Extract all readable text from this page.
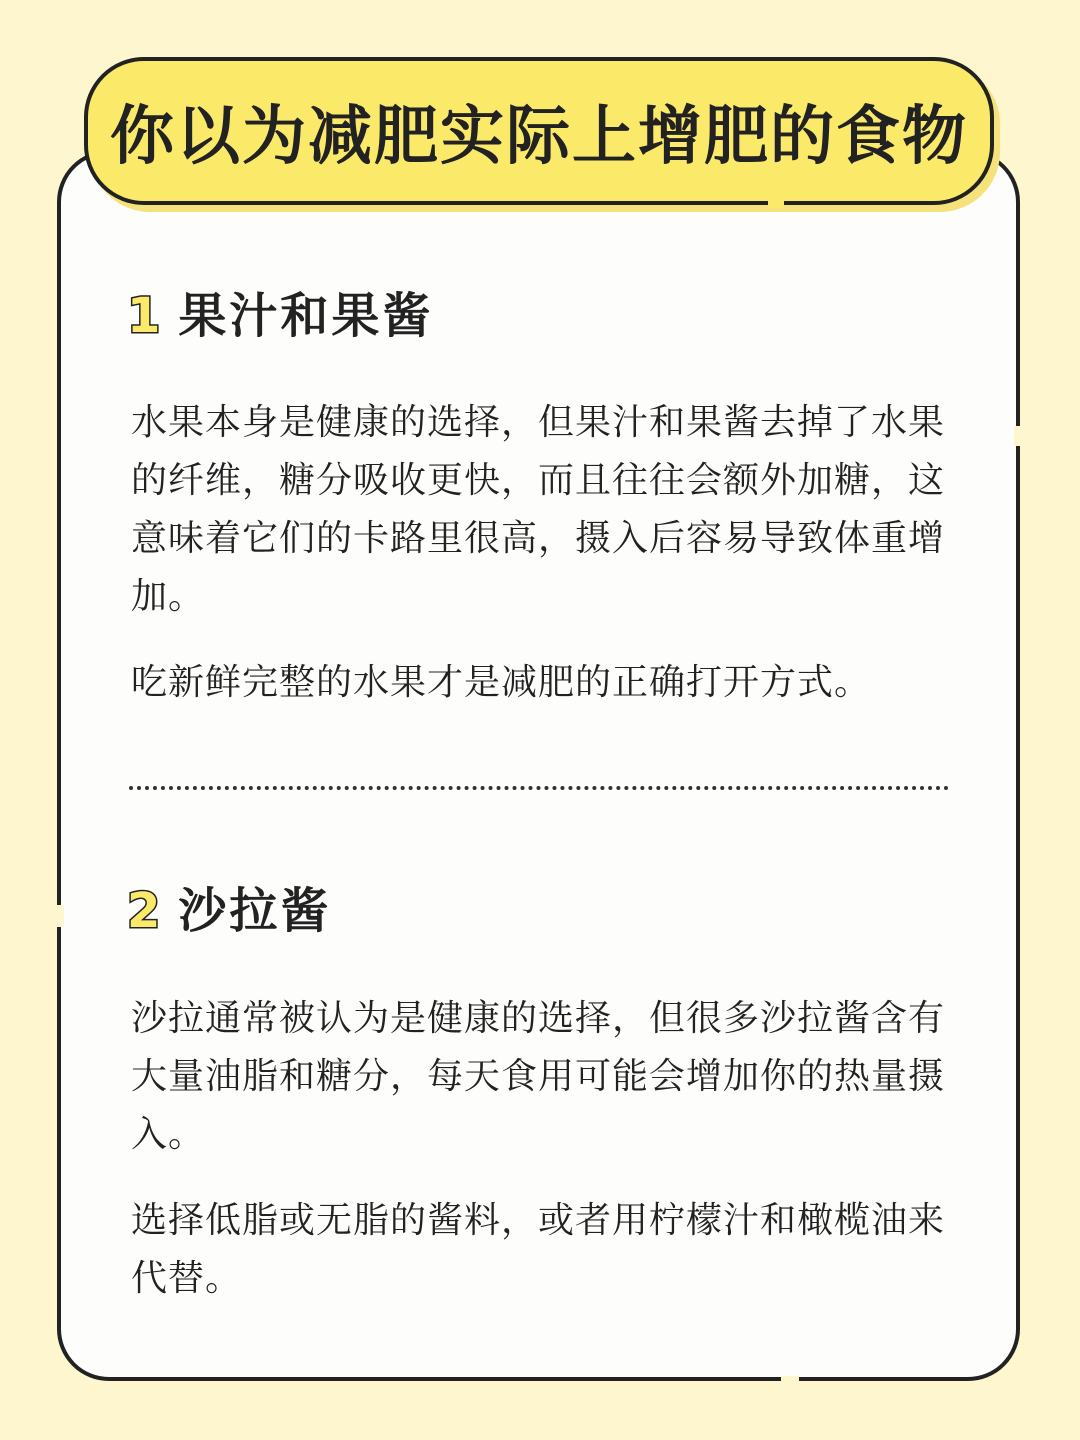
你以为减肥实际上增肥的食物
1 果汁和果酱

水果本身是健康的选择，但果汁和果酱去掉了水果的纤维，糖分吸收更快，而且往往会额外加糖，这意味着它们的卡路里很高，摄入后容易导致体重增加。

吃新鲜完整的水果才是减肥的正确打开方式。

2 沙拉酱

沙拉通常被认为是健康的选择，但很多沙拉酱含有大量油脂和糖分，每天食用可能会增加你的热量摄入。

选择低脂或无脂的酱料，或者用柠檬汁和橄榄油来代替。
